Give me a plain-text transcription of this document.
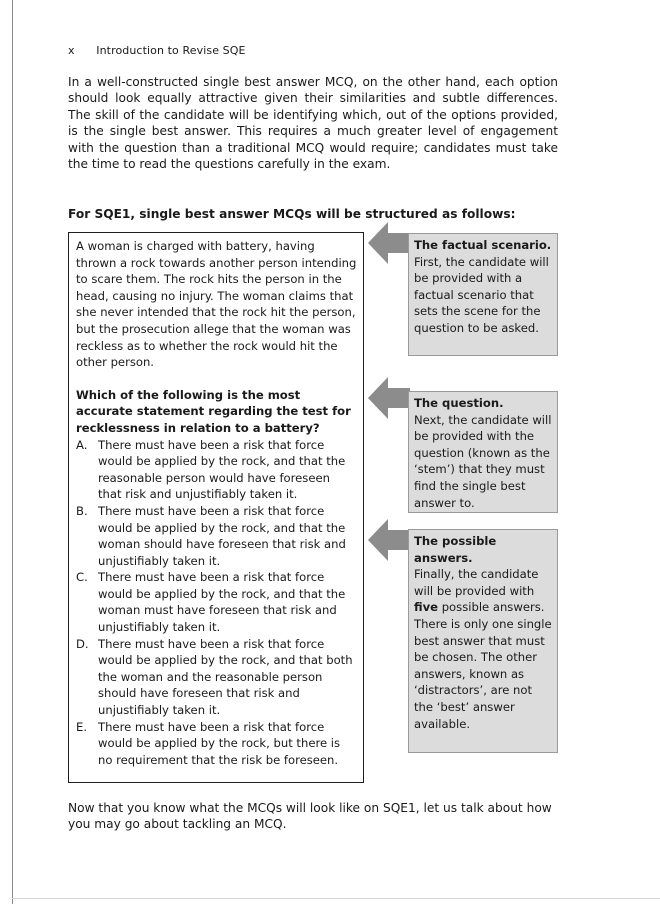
x Introduction to Revise SQE

In a well-constructed single best answer MCQ, on the other hand, each option should look equally attractive given their similarities and subtle differences. The skill of the candidate will be identifying which, out of the options provided, is the single best answer. This requires a much greater level of engagement with the question than a traditional MCQ would require; candidates must take the time to read the questions carefully in the exam.

For SQE1, single best answer MCQs will be structured as follows:

A woman is charged with battery, having thrown a rock towards another person intending to scare them. The rock hits the person in the head, causing no injury. The woman claims that she never intended that the rock hit the person, but the prosecution allege that the woman was reckless as to whether the rock would hit the other person.

Which of the following is the most accurate statement regarding the test for recklessness in relation to a battery?

A. There must have been a risk that force would be applied by the rock, and that the reasonable person would have foreseen that risk and unjustifiably taken it.
B. There must have been a risk that force would be applied by the rock, and that the woman should have foreseen that risk and unjustifiably taken it.
C. There must have been a risk that force would be applied by the rock, and that the woman must have foreseen that risk and unjustifiably taken it.
D. There must have been a risk that force would be applied by the rock, and that both the woman and the reasonable person should have foreseen that risk and unjustifiably taken it.
E. There must have been a risk that force would be applied by the rock, but there is no requirement that the risk be foreseen.
The factual scenario.
First, the candidate will be provided with a factual scenario that sets the scene for the question to be asked.
The question.
Next, the candidate will be provided with the question (known as the ‘stem’) that they must find the single best answer to.
The possible answers.
Finally, the candidate will be provided with five possible answers. There is only one single best answer that must be chosen. The other answers, known as ‘distractors’, are not the ‘best’ answer available.

Now that you know what the MCQs will look like on SQE1, let us talk about how you may go about tackling an MCQ.
